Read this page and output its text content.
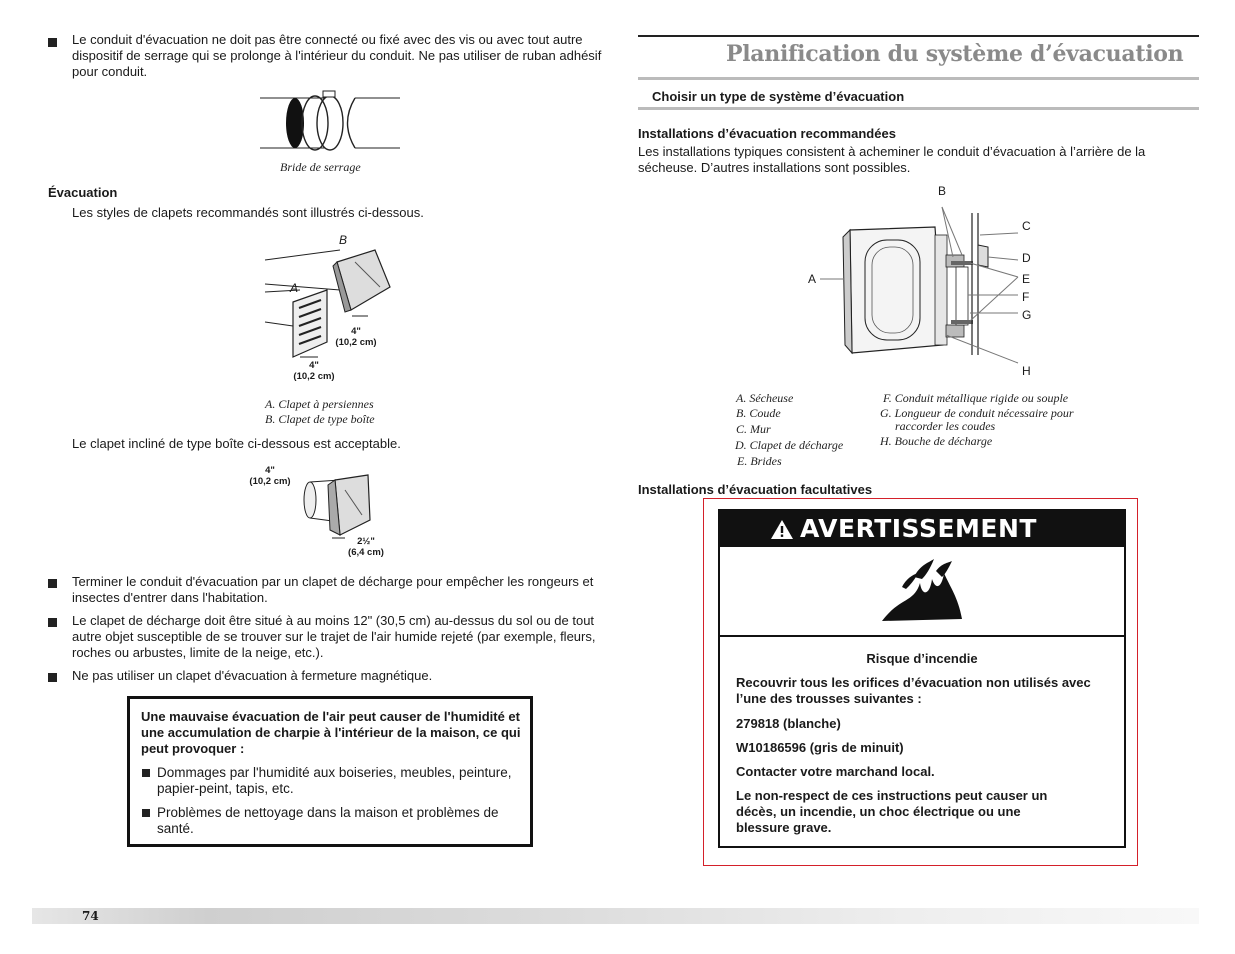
Le conduit d'évacuation ne doit pas être connecté ou fixé avec des vis ou avec tout autre dispositif de serrage qui se prolonge à l'intérieur du conduit. Ne pas utiliser de ruban adhésif pour conduit.
Bride de serrage
Évacuation
Les styles de clapets recommandés sont illustrés ci-dessous.
B
A
4"
(10,2 cm)
4"
(10,2 cm)
A. Clapet à persiennes
B. Clapet de type boîte
Le clapet incliné de type boîte ci-dessous est acceptable.
4"
(10,2 cm)
2½"
(6,4 cm)
Terminer le conduit d'évacuation par un clapet de décharge pour empêcher les rongeurs et insectes d'entrer dans l'habitation.
Le clapet de décharge doit être situé à au moins 12" (30,5 cm) au-dessus du sol ou de tout autre objet susceptible de se trouver sur le trajet de l'air humide rejeté (par exemple, fleurs, roches ou arbustes, limite de la neige, etc.).
Ne pas utiliser un clapet d'évacuation à fermeture magnétique.
Une mauvaise évacuation de l'air peut causer de l'humidité et une accumulation de charpie à l'intérieur de la maison, ce qui peut provoquer :
Dommages par l'humidité aux boiseries, meubles, peinture, papier-peint, tapis, etc.
Problèmes de nettoyage dans la maison et problèmes de santé.
Planification du système d’évacuation
Choisir un type de système d’évacuation
Installations d’évacuation recommandées
Les installations typiques consistent à acheminer le conduit d’évacuation à l’arrière de la sécheuse. D’autres installations sont possibles.
A
B
C
D
E
F
G
H
A. Sécheuse
B. Coude
C. Mur
D. Clapet de décharge
E. Brides
F. Conduit métallique rigide ou souple
G. Longueur de conduit nécessaire pour
raccorder les coudes
H. Bouche de décharge
Installations d’évacuation facultatives
AVERTISSEMENT
Risque d’incendie
Recouvrir tous les orifices d’évacuation non utilisés avec l’une des trousses suivantes :
279818 (blanche)
W10186596 (gris de minuit)
Contacter votre marchand local.
Le non-respect de ces instructions peut causer un décès, un incendie, un choc électrique ou une blessure grave.
74
